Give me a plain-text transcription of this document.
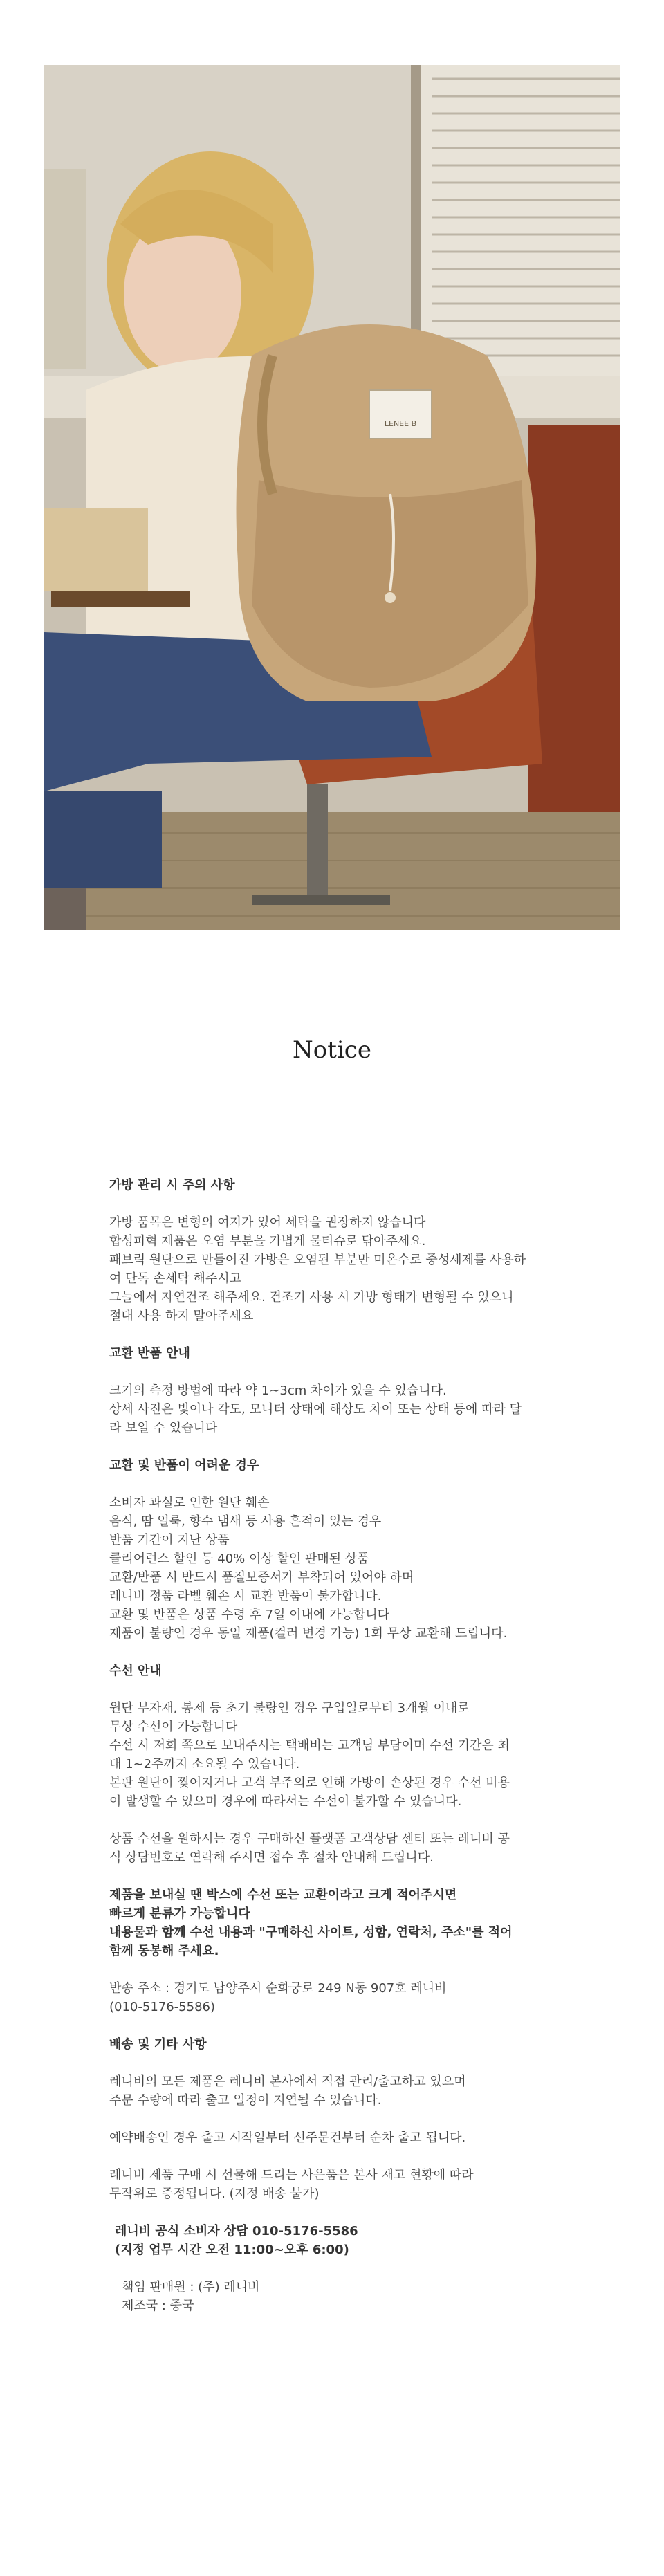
LENEE B
Notice
가방 관리 시 주의 사항
가방 품목은 변형의 여지가 있어 세탁을 권장하지 않습니다
합성피혁 제품은 오염 부분을 가볍게 물티슈로 닦아주세요.
패브릭 원단으로 만들어진 가방은 오염된 부분만 미온수로 중성세제를 사용하
여 단독 손세탁 해주시고
그늘에서 자연건조 해주세요. 건조기 사용 시 가방 형태가 변형될 수 있으니
절대 사용 하지 말아주세요
교환 반품 안내
크기의 측정 방법에 따라 약 1~3cm 차이가 있을 수 있습니다.
상세 사진은 빛이나 각도, 모니터 상태에 해상도 차이 또는 상태 등에 따라 달
라 보일 수 있습니다
교환 및 반품이 어려운 경우
소비자 과실로 인한 원단 훼손
음식, 땀 얼룩, 향수 냄새 등 사용 흔적이 있는 경우
반품 기간이 지난 상품
클리어런스 할인 등 40% 이상 할인 판매된 상품
교환/반품 시 반드시 품질보증서가 부착되어 있어야 하며
레니비 정품 라벨 훼손 시 교환 반품이 불가합니다.
교환 및 반품은 상품 수령 후 7일 이내에 가능합니다
제품이 불량인 경우 동일 제품(컬러 변경 가능) 1회 무상 교환해 드립니다.
수선 안내
원단 부자재, 봉제 등 초기 불량인 경우 구입일로부터 3개월 이내로
무상 수선이 가능합니다
수선 시 저희 쪽으로 보내주시는 택배비는 고객님 부담이며 수선 기간은 최
대 1~2주까지 소요될 수 있습니다.
본판 원단이 찢어지거나 고객 부주의로 인해 가방이 손상된 경우 수선 비용
이 발생할 수 있으며 경우에 따라서는 수선이 불가할 수 있습니다.
상품 수선을 원하시는 경우 구매하신 플랫폼 고객상담 센터 또는 레니비 공
식 상담번호로 연락해 주시면 접수 후 절차 안내해 드립니다.
제품을 보내실 땐 박스에 수선 또는 교환이라고 크게 적어주시면
빠르게 분류가 가능합니다
내용물과 함께 수선 내용과 "구매하신 사이트, 성함, 연락처, 주소"를 적어
함께 동봉해 주세요.
반송 주소 : 경기도 남양주시 순화궁로 249 N동 907호 레니비
(010-5176-5586)
배송 및 기타 사항
레니비의 모든 제품은 레니비 본사에서 직접 관리/출고하고 있으며
주문 수량에 따라 출고 일정이 지연될 수 있습니다.
예약배송인 경우 출고 시작일부터 선주문건부터 순차 출고 됩니다.
레니비 제품 구매 시 선물해 드리는 사은품은 본사 재고 현황에 따라
무작위로 증정됩니다. (지정 배송 불가)
레니비 공식 소비자 상담 010-5176-5586
(지정 업무 시간 오전 11:00~오후 6:00)
책임 판매원 : (주) 레니비
제조국 : 중국
